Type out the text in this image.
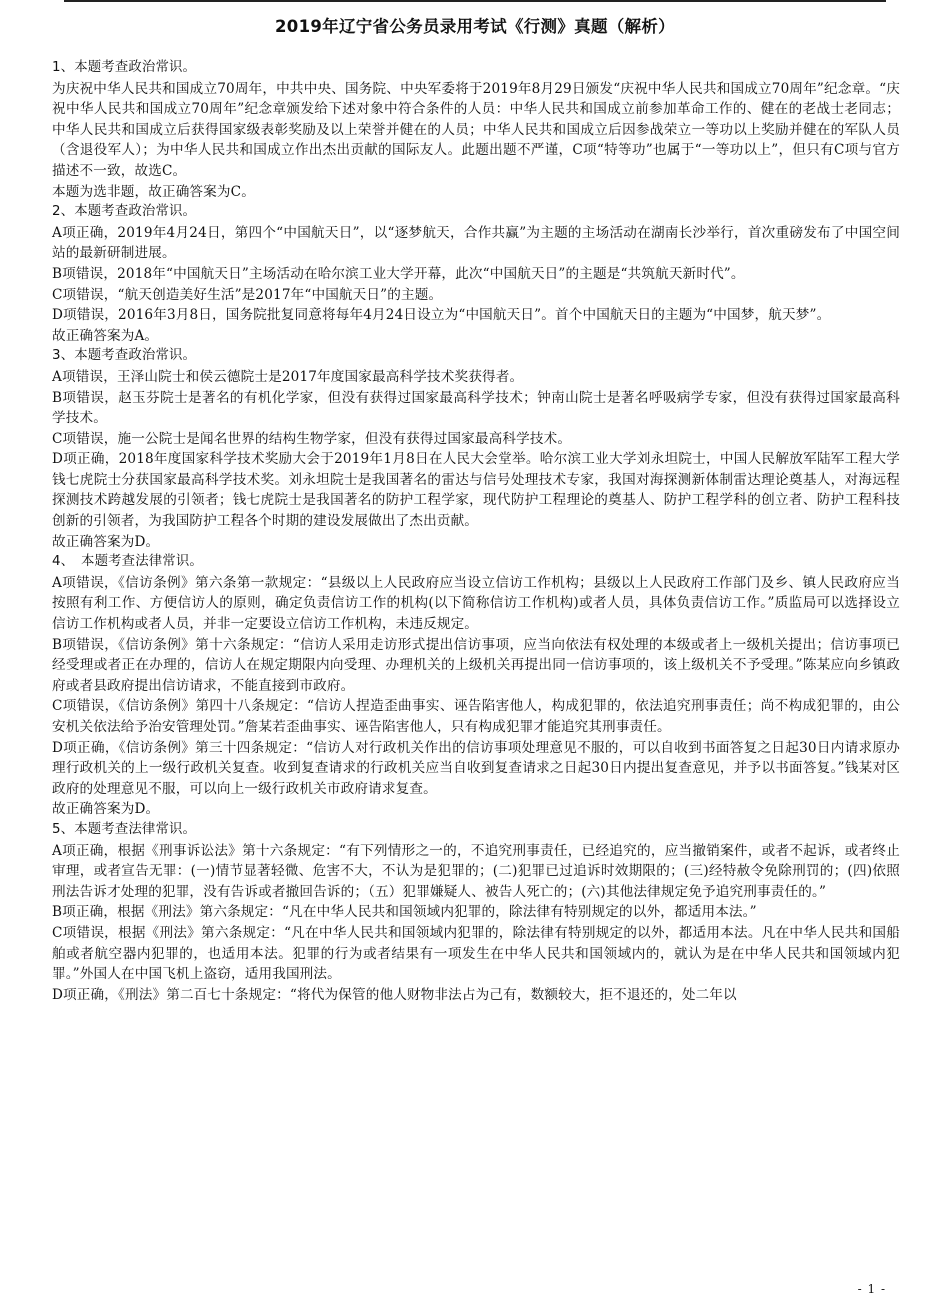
2019年辽宁省公务员录用考试《行测》真题（解析）

1、本题考查政治常识。

为庆祝中华人民共和国成立70周年，中共中央、国务院、中央军委将于2019年8月29日颁发“庆祝中华人民共和国成立70周年”纪念章。“庆祝中华人民共和国成立70周年”纪念章颁发给下述对象中符合条件的人员：中华人民共和国成立前参加革命工作的、健在的老战士老同志；中华人民共和国成立后获得国家级表彰奖励及以上荣誉并健在的人员；中华人民共和国成立后因参战荣立一等功以上奖励并健在的军队人员（含退役军人）；为中华人民共和国成立作出杰出贡献的国际友人。此题出题不严谨，C项“特等功”也属于“一等功以上”，但只有C项与官方描述不一致，故选C。

本题为选非题，故正确答案为C。

2、本题考查政治常识。

A项正确，2019年4月24日，第四个“中国航天日”，以“逐梦航天，合作共赢”为主题的主场活动在湖南长沙举行，首次重磅发布了中国空间站的最新研制进展。

B项错误，2018年“中国航天日”主场活动在哈尔滨工业大学开幕，此次“中国航天日”的主题是“共筑航天新时代”。

C项错误，“航天创造美好生活”是2017年“中国航天日”的主题。

D项错误，2016年3月8日，国务院批复同意将每年4月24日设立为“中国航天日”。首个中国航天日的主题为“中国梦，航天梦”。

故正确答案为A。

3、本题考查政治常识。

A项错误，王泽山院士和侯云德院士是2017年度国家最高科学技术奖获得者。

B项错误，赵玉芬院士是著名的有机化学家，但没有获得过国家最高科学技术；钟南山院士是著名呼吸病学专家，但没有获得过国家最高科学技术。

C项错误，施一公院士是闻名世界的结构生物学家，但没有获得过国家最高科学技术。

D项正确，2018年度国家科学技术奖励大会于2019年1月8日在人民大会堂举。哈尔滨工业大学刘永坦院士，中国人民解放军陆军工程大学钱七虎院士分获国家最高科学技术奖。刘永坦院士是我国著名的雷达与信号处理技术专家，我国对海探测新体制雷达理论奠基人，对海远程探测技术跨越发展的引领者；钱七虎院士是我国著名的防护工程学家，现代防护工程理论的奠基人、防护工程学科的创立者、防护工程科技创新的引领者，为我国防护工程各个时期的建设发展做出了杰出贡献。

故正确答案为D。

4、　本题考查法律常识。

A项错误，《信访条例》第六条第一款规定：“县级以上人民政府应当设立信访工作机构；县级以上人民政府工作部门及乡、镇人民政府应当按照有利工作、方便信访人的原则，确定负责信访工作的机构(以下简称信访工作机构)或者人员，具体负责信访工作。”质监局可以选择设立信访工作机构或者人员，并非一定要设立信访工作机构，未违反规定。

B项错误，《信访条例》第十六条规定：“信访人采用走访形式提出信访事项，应当向依法有权处理的本级或者上一级机关提出；信访事项已经受理或者正在办理的，信访人在规定期限内向受理、办理机关的上级机关再提出同一信访事项的，该上级机关不予受理。”陈某应向乡镇政府或者县政府提出信访请求，不能直接到市政府。

C项错误，《信访条例》第四十八条规定：“信访人捏造歪曲事实、诬告陷害他人，构成犯罪的，依法追究刑事责任；尚不构成犯罪的，由公安机关依法给予治安管理处罚。”詹某若歪曲事实、诬告陷害他人，只有构成犯罪才能追究其刑事责任。

D项正确，《信访条例》第三十四条规定：“信访人对行政机关作出的信访事项处理意见不服的，可以自收到书面答复之日起30日内请求原办理行政机关的上一级行政机关复查。收到复查请求的行政机关应当自收到复查请求之日起30日内提出复查意见，并予以书面答复。”钱某对区政府的处理意见不服，可以向上一级行政机关市政府请求复查。

故正确答案为D。

5、本题考查法律常识。

A项正确，根据《刑事诉讼法》第十六条规定：“有下列情形之一的，不追究刑事责任，已经追究的，应当撤销案件，或者不起诉，或者终止审理，或者宣告无罪：(一)情节显著轻微、危害不大，不认为是犯罪的；(二)犯罪已过追诉时效期限的；(三)经特赦令免除刑罚的；(四)依照刑法告诉才处理的犯罪，没有告诉或者撤回告诉的；（五）犯罪嫌疑人、被告人死亡的；(六)其他法律规定免予追究刑事责任的。”

B项正确，根据《刑法》第六条规定：“凡在中华人民共和国领域内犯罪的，除法律有特别规定的以外，都适用本法。”

C项错误，根据《刑法》第六条规定：“凡在中华人民共和国领域内犯罪的，除法律有特别规定的以外，都适用本法。凡在中华人民共和国船舶或者航空器内犯罪的，也适用本法。犯罪的行为或者结果有一项发生在中华人民共和国领域内的，就认为是在中华人民共和国领域内犯罪。”外国人在中国飞机上盗窃，适用我国刑法。

D项正确，《刑法》第二百七十条规定：“将代为保管的他人财物非法占为己有，数额较大，拒不退还的，处二年以

- 1 -
